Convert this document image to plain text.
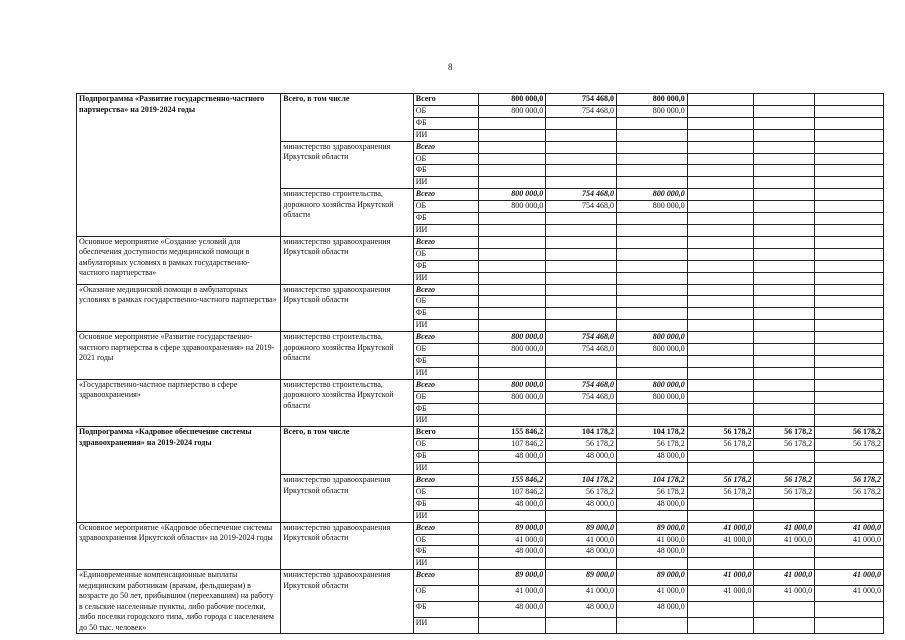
8
Подпрограмма «Развитие государственно-частного партнерства» на 2019-2024 годы	Всего, в том числе	Всего	800 000,0	754 468,0	800 000,0			
		ОБ	800 000,0	754 468,0	800 000,0			
		ФБ						
		ИИ						
	министерство здравоохранения Иркутской области	Всего						
		ОБ						
		ФБ						
		ИИ						
	министерство строительства, дорожного хозяйства Иркутской области	Всего	800 000,0	754 468,0	800 000,0			
		ОБ	800 000,0	754 468,0	800 000,0			
		ФБ						
		ИИ						
Основное мероприятие «Создание условий для обеспечения доступности медицинской помощи в амбулаторных условиях в рамках государственно-частного партнерства»	министерство здравоохранения Иркутской области	Всего						
		ОБ						
		ФБ						
		ИИ						
«Оказание медицинской помощи в амбулаторных условиях в рамках государственно-частного партнерства»	министерство здравоохранения Иркутской области	Всего						
		ОБ						
		ФБ						
		ИИ						
Основное мероприятие «Развитие государственно-частного партнерства в сфере здравоохранения» на 2019-2021 годы	министерство строительства, дорожного хозяйства Иркутской области	Всего	800 000,0	754 468,0	800 000,0			
		ОБ	800 000,0	754 468,0	800 000,0			
		ФБ						
		ИИ						
«Государственно-частное партнерство в сфере здравоохранения»	министерство строительства, дорожного хозяйства Иркутской области	Всего	800 000,0	754 468,0	800 000,0			
		ОБ	800 000,0	754 468,0	800 000,0			
		ФБ						
		ИИ						
Подпрограмма «Кадровое обеспечение системы здравоохранения» на 2019-2024 годы	Всего, в том числе	Всего	155 846,2	104 178,2	104 178,2	56 178,2	56 178,2	56 178,2
		ОБ	107 846,2	56 178,2	56 178,2	56 178,2	56 178,2	56 178,2
		ФБ	48 000,0	48 000,0	48 000,0			
		ИИ						
	министерство здравоохранения Иркутской области	Всего	155 846,2	104 178,2	104 178,2	56 178,2	56 178,2	56 178,2
		ОБ	107 846,2	56 178,2	56 178,2	56 178,2	56 178,2	56 178,2
		ФБ	48 000,0	48 000,0	48 000,0			
		ИИ						
Основное мероприятие «Кадровое обеспечение системы здравоохранения Иркутской области» на 2019-2024 годы	министерство здравоохранения Иркутской области	Всего	89 000,0	89 000,0	89 000,0	41 000,0	41 000,0	41 000,0
		ОБ	41 000,0	41 000,0	41 000,0	41 000,0	41 000,0	41 000,0
		ФБ	48 000,0	48 000,0	48 000,0			
		ИИ						
«Единовременные компенсационные выплаты медицинским работникам (врачам, фельдшерам) в возрасте до 50 лет, прибывшим (переехавшим) на работу в сельские населенные пункты, либо рабочие поселки, либо поселки городского типа, либо города с населением до 50 тыс. человек»	министерство здравоохранения Иркутской области	Всего	89 000,0	89 000,0	89 000,0	41 000,0	41 000,0	41 000,0
		ОБ	41 000,0	41 000,0	41 000,0	41 000,0	41 000,0	41 000,0
		ФБ	48 000,0	48 000,0	48 000,0			
		ИИ						
